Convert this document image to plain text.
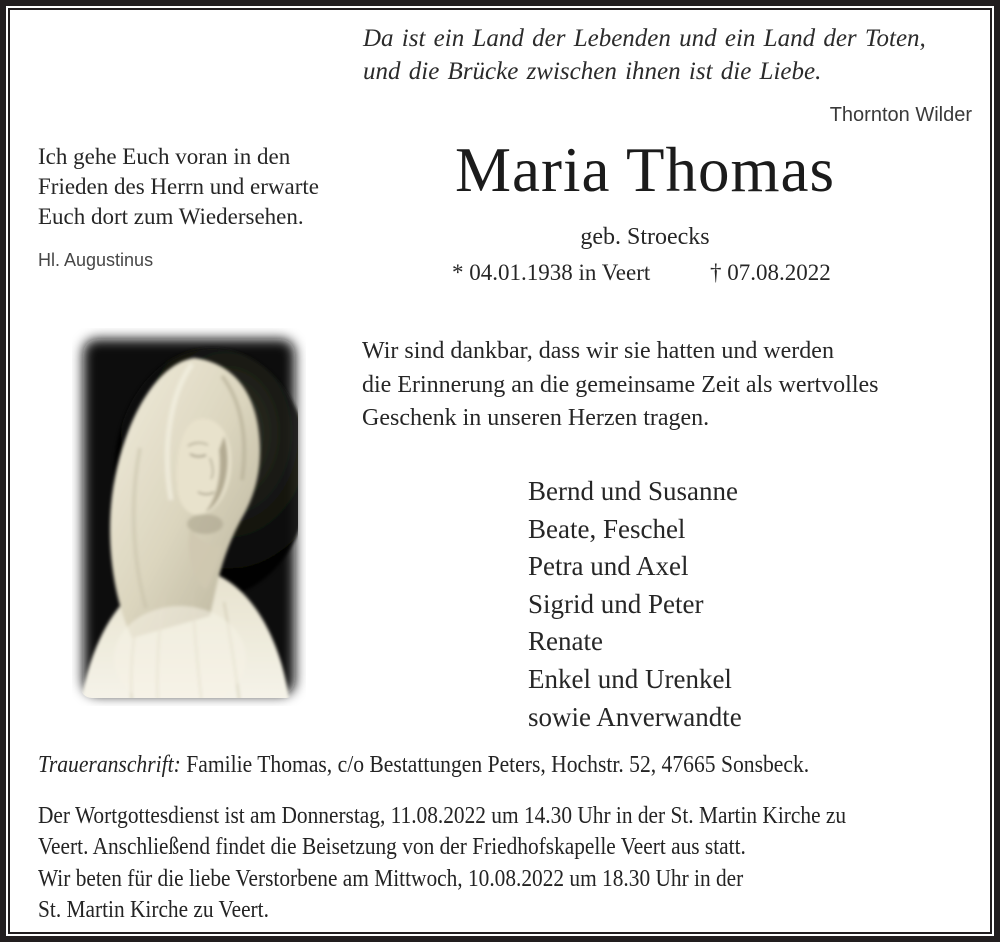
Da ist ein Land der Lebenden und ein Land der Toten,
und die Brücke zwischen ihnen ist die Liebe.
Thornton Wilder
Ich gehe Euch voran in den
Frieden des Herrn und erwarte
Euch dort zum Wiedersehen.
Hl. Augustinus
Maria Thomas
geb. Stroecks
* 04.01.1938 in Veert	† 07.08.2022
Wir sind dankbar, dass wir sie hatten und werden
die Erinnerung an die gemeinsame Zeit als wertvolles
Geschenk in unseren Herzen tragen.
Bernd und Susanne
Beate, Feschel
Petra und Axel
Sigrid und Peter
Renate
Enkel und Urenkel
sowie Anverwandte
Traueranschrift: Familie Thomas, c/o Bestattungen Peters, Hochstr. 52, 47665 Sonsbeck.
Der Wortgottesdienst ist am Donnerstag, 11.08.2022 um 14.30 Uhr in der St. Martin Kirche zu
Veert. Anschließend findet die Beisetzung von der Friedhofskapelle Veert aus statt.
Wir beten für die liebe Verstorbene am Mittwoch, 10.08.2022 um 18.30 Uhr in der
St. Martin Kirche zu Veert.
